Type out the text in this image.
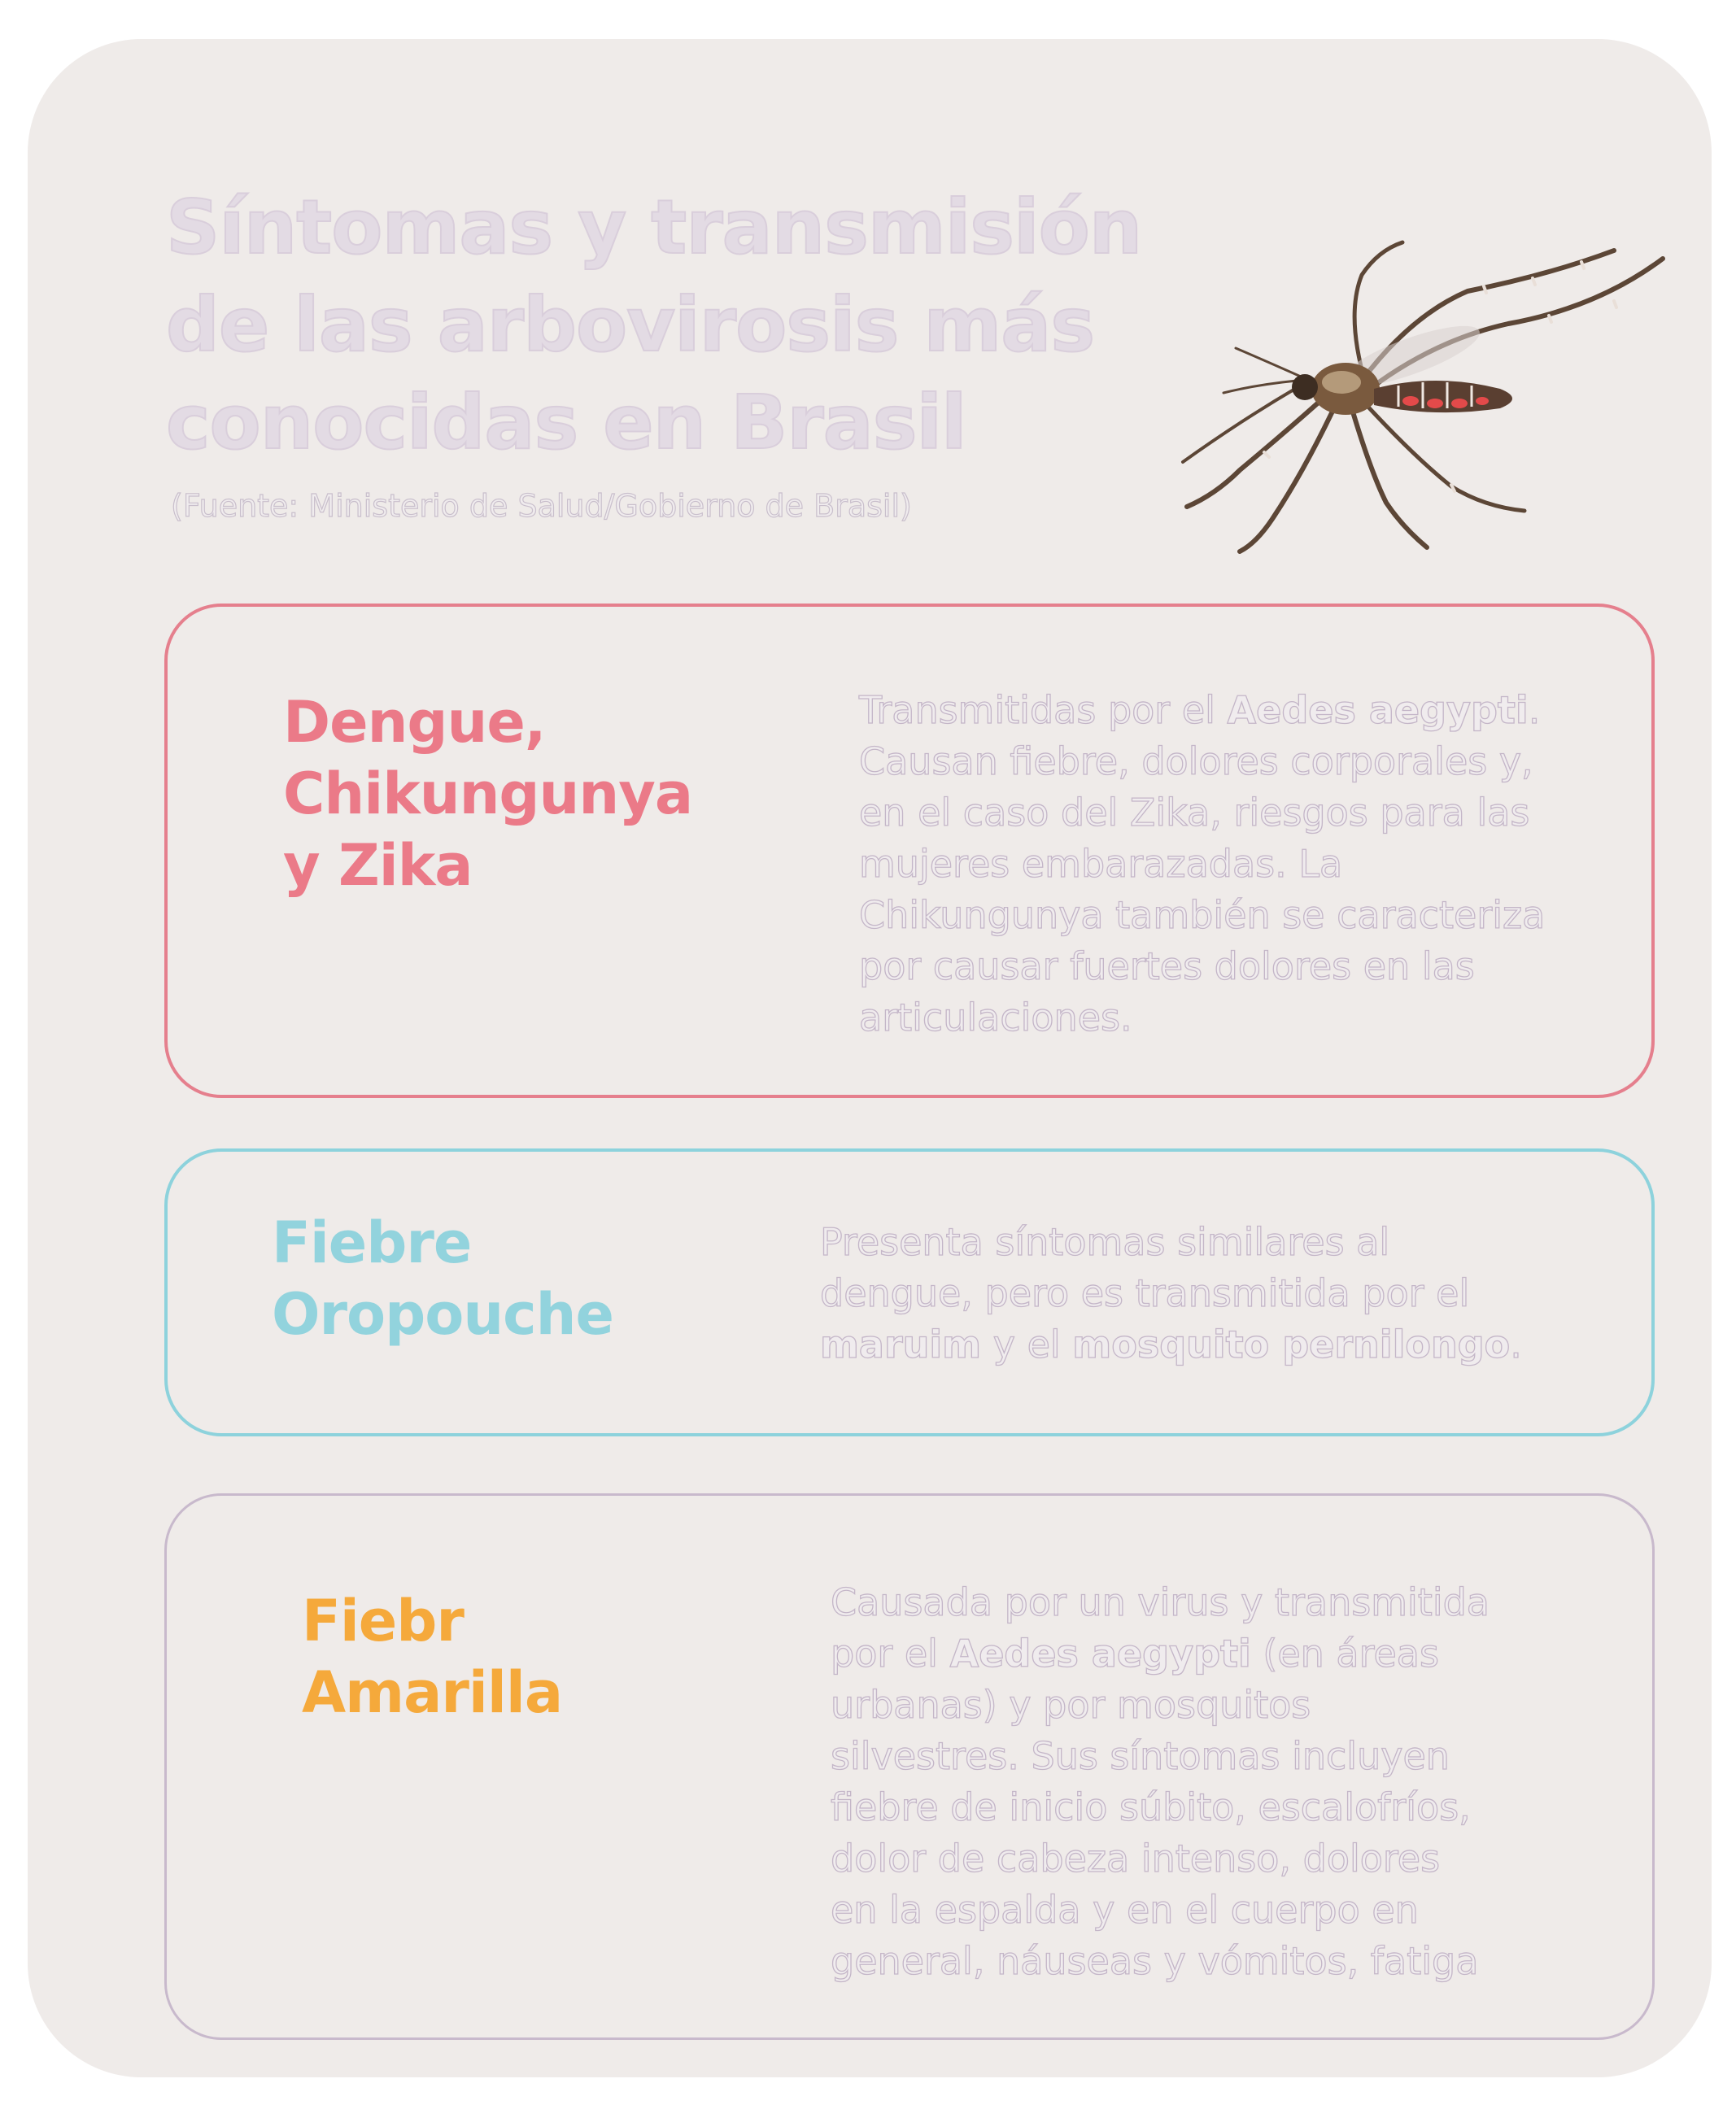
Síntomas y transmisión
de las arbovirosis más
conocidas en Brasil
(Fuente: Ministerio de Salud/Gobierno de Brasil)
Dengue,
Chikungunya
y Zika
Transmitidas por el Aedes aegypti.
Causan fiebre, dolores corporales y,
en el caso del Zika, riesgos para las
mujeres embarazadas. La
Chikungunya también se caracteriza
por causar fuertes dolores en las
articulaciones.
Fiebre
Oropouche
Presenta síntomas similares al
dengue, pero es transmitida por el
maruim y el mosquito pernilongo.
Fiebr
Amarilla
Causada por un virus y transmitida
por el Aedes aegypti (en áreas
urbanas) y por mosquitos
silvestres. Sus síntomas incluyen
fiebre de inicio súbito, escalofríos,
dolor de cabeza intenso, dolores
en la espalda y en el cuerpo en
general, náuseas y vómitos, fatiga
